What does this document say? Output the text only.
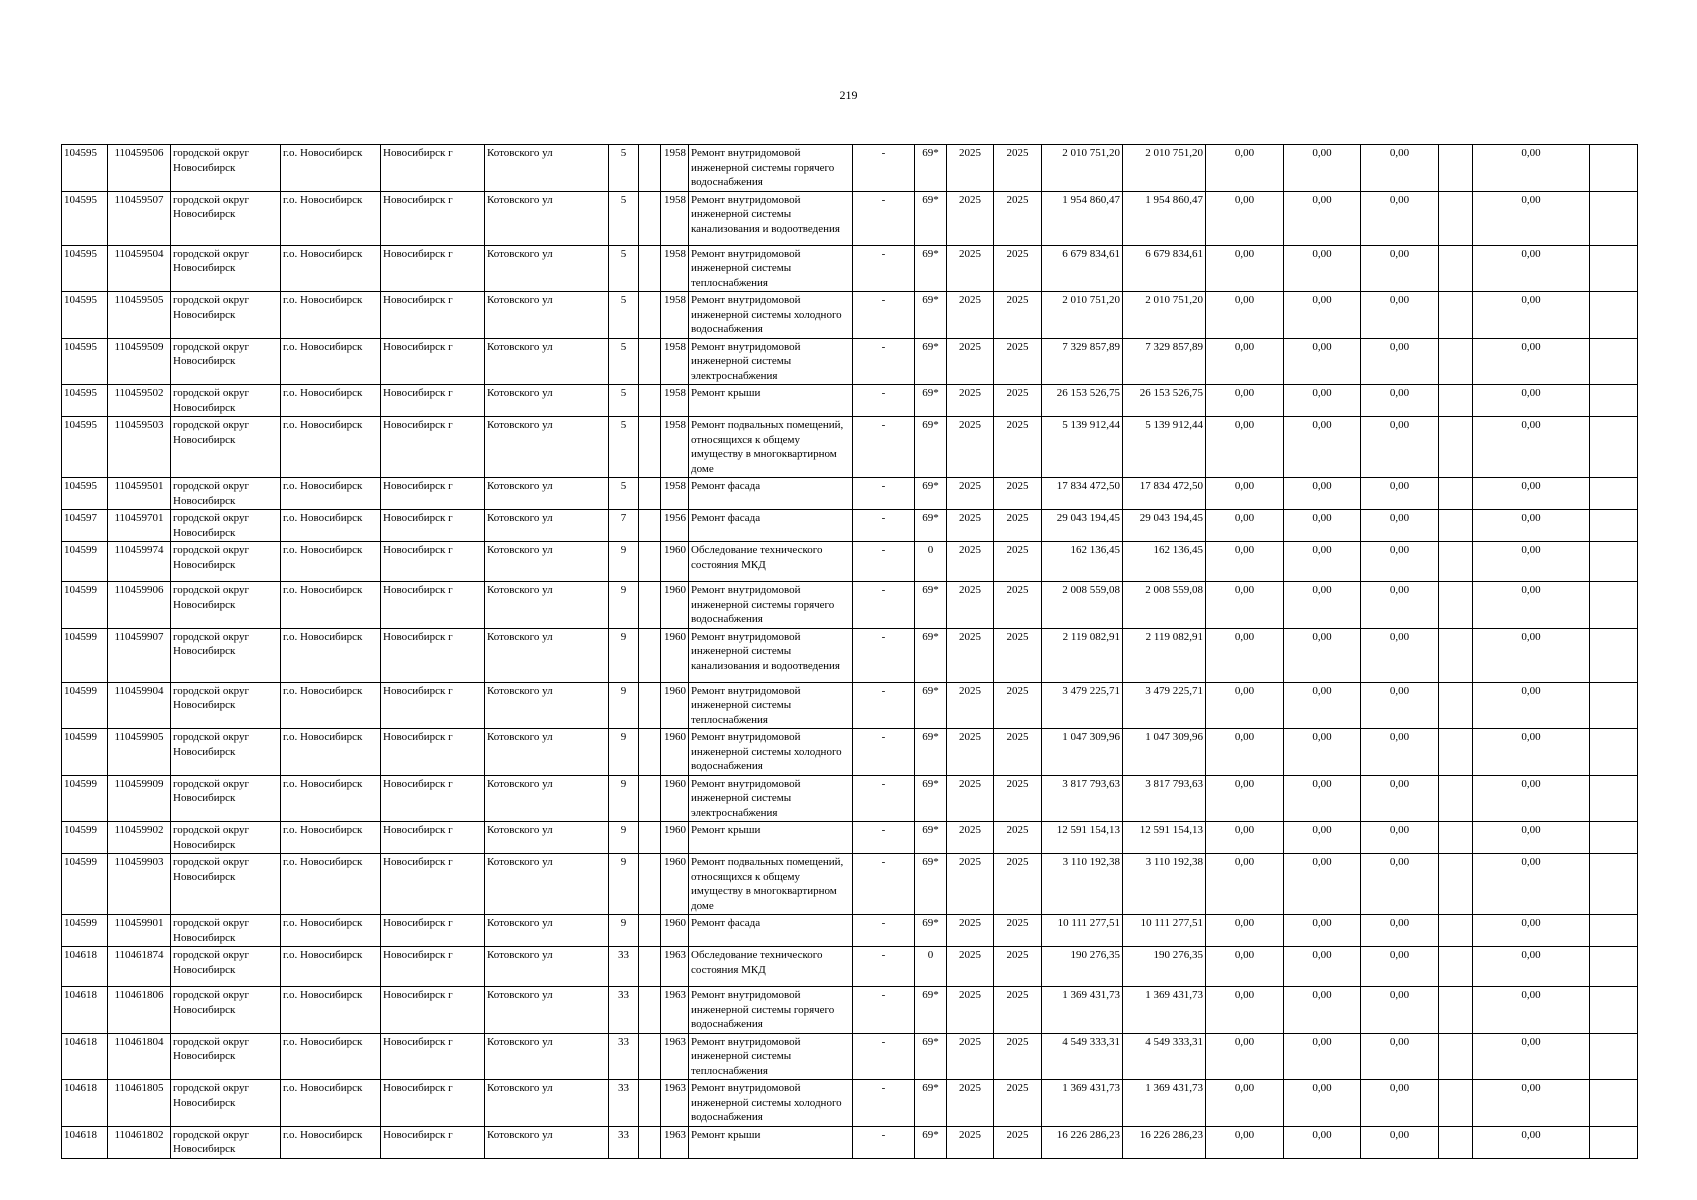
219
104595	110459506	городской округ Новосибирск	г.о. Новосибирск	Новосибирск г	Котовского ул	5		1958	Ремонт внутридомовой инженерной системы горячего водоснабжения	-	69*	2025	2025	2 010 751,20	2 010 751,20	0,00	0,00	0,00		0,00	
104595	110459507	городской округ Новосибирск	г.о. Новосибирск	Новосибирск г	Котовского ул	5		1958	Ремонт внутридомовой инженерной системы канализования и водоотведения	-	69*	2025	2025	1 954 860,47	1 954 860,47	0,00	0,00	0,00		0,00	
104595	110459504	городской округ Новосибирск	г.о. Новосибирск	Новосибирск г	Котовского ул	5		1958	Ремонт внутридомовой инженерной системы теплоснабжения	-	69*	2025	2025	6 679 834,61	6 679 834,61	0,00	0,00	0,00		0,00	
104595	110459505	городской округ Новосибирск	г.о. Новосибирск	Новосибирск г	Котовского ул	5		1958	Ремонт внутридомовой инженерной системы холодного водоснабжения	-	69*	2025	2025	2 010 751,20	2 010 751,20	0,00	0,00	0,00		0,00	
104595	110459509	городской округ Новосибирск	г.о. Новосибирск	Новосибирск г	Котовского ул	5		1958	Ремонт внутридомовой инженерной системы электроснабжения	-	69*	2025	2025	7 329 857,89	7 329 857,89	0,00	0,00	0,00		0,00	
104595	110459502	городской округ Новосибирск	г.о. Новосибирск	Новосибирск г	Котовского ул	5		1958	Ремонт крыши	-	69*	2025	2025	26 153 526,75	26 153 526,75	0,00	0,00	0,00		0,00	
104595	110459503	городской округ Новосибирск	г.о. Новосибирск	Новосибирск г	Котовского ул	5		1958	Ремонт подвальных помещений, относящихся к общему имуществу в многоквартирном доме	-	69*	2025	2025	5 139 912,44	5 139 912,44	0,00	0,00	0,00		0,00	
104595	110459501	городской округ Новосибирск	г.о. Новосибирск	Новосибирск г	Котовского ул	5		1958	Ремонт фасада	-	69*	2025	2025	17 834 472,50	17 834 472,50	0,00	0,00	0,00		0,00	
104597	110459701	городской округ Новосибирск	г.о. Новосибирск	Новосибирск г	Котовского ул	7		1956	Ремонт фасада	-	69*	2025	2025	29 043 194,45	29 043 194,45	0,00	0,00	0,00		0,00	
104599	110459974	городской округ Новосибирск	г.о. Новосибирск	Новосибирск г	Котовского ул	9		1960	Обследование технического состояния МКД	-	0	2025	2025	162 136,45	162 136,45	0,00	0,00	0,00		0,00	
104599	110459906	городской округ Новосибирск	г.о. Новосибирск	Новосибирск г	Котовского ул	9		1960	Ремонт внутридомовой инженерной системы горячего водоснабжения	-	69*	2025	2025	2 008 559,08	2 008 559,08	0,00	0,00	0,00		0,00	
104599	110459907	городской округ Новосибирск	г.о. Новосибирск	Новосибирск г	Котовского ул	9		1960	Ремонт внутридомовой инженерной системы канализования и водоотведения	-	69*	2025	2025	2 119 082,91	2 119 082,91	0,00	0,00	0,00		0,00	
104599	110459904	городской округ Новосибирск	г.о. Новосибирск	Новосибирск г	Котовского ул	9		1960	Ремонт внутридомовой инженерной системы теплоснабжения	-	69*	2025	2025	3 479 225,71	3 479 225,71	0,00	0,00	0,00		0,00	
104599	110459905	городской округ Новосибирск	г.о. Новосибирск	Новосибирск г	Котовского ул	9		1960	Ремонт внутридомовой инженерной системы холодного водоснабжения	-	69*	2025	2025	1 047 309,96	1 047 309,96	0,00	0,00	0,00		0,00	
104599	110459909	городской округ Новосибирск	г.о. Новосибирск	Новосибирск г	Котовского ул	9		1960	Ремонт внутридомовой инженерной системы электроснабжения	-	69*	2025	2025	3 817 793,63	3 817 793,63	0,00	0,00	0,00		0,00	
104599	110459902	городской округ Новосибирск	г.о. Новосибирск	Новосибирск г	Котовского ул	9		1960	Ремонт крыши	-	69*	2025	2025	12 591 154,13	12 591 154,13	0,00	0,00	0,00		0,00	
104599	110459903	городской округ Новосибирск	г.о. Новосибирск	Новосибирск г	Котовского ул	9		1960	Ремонт подвальных помещений, относящихся к общему имуществу в многоквартирном доме	-	69*	2025	2025	3 110 192,38	3 110 192,38	0,00	0,00	0,00		0,00	
104599	110459901	городской округ Новосибирск	г.о. Новосибирск	Новосибирск г	Котовского ул	9		1960	Ремонт фасада	-	69*	2025	2025	10 111 277,51	10 111 277,51	0,00	0,00	0,00		0,00	
104618	110461874	городской округ Новосибирск	г.о. Новосибирск	Новосибирск г	Котовского ул	33		1963	Обследование технического состояния МКД	-	0	2025	2025	190 276,35	190 276,35	0,00	0,00	0,00		0,00	
104618	110461806	городской округ Новосибирск	г.о. Новосибирск	Новосибирск г	Котовского ул	33		1963	Ремонт внутридомовой инженерной системы горячего водоснабжения	-	69*	2025	2025	1 369 431,73	1 369 431,73	0,00	0,00	0,00		0,00	
104618	110461804	городской округ Новосибирск	г.о. Новосибирск	Новосибирск г	Котовского ул	33		1963	Ремонт внутридомовой инженерной системы теплоснабжения	-	69*	2025	2025	4 549 333,31	4 549 333,31	0,00	0,00	0,00		0,00	
104618	110461805	городской округ Новосибирск	г.о. Новосибирск	Новосибирск г	Котовского ул	33		1963	Ремонт внутридомовой инженерной системы холодного водоснабжения	-	69*	2025	2025	1 369 431,73	1 369 431,73	0,00	0,00	0,00		0,00	
104618	110461802	городской округ Новосибирск	г.о. Новосибирск	Новосибирск г	Котовского ул	33		1963	Ремонт крыши	-	69*	2025	2025	16 226 286,23	16 226 286,23	0,00	0,00	0,00		0,00	
